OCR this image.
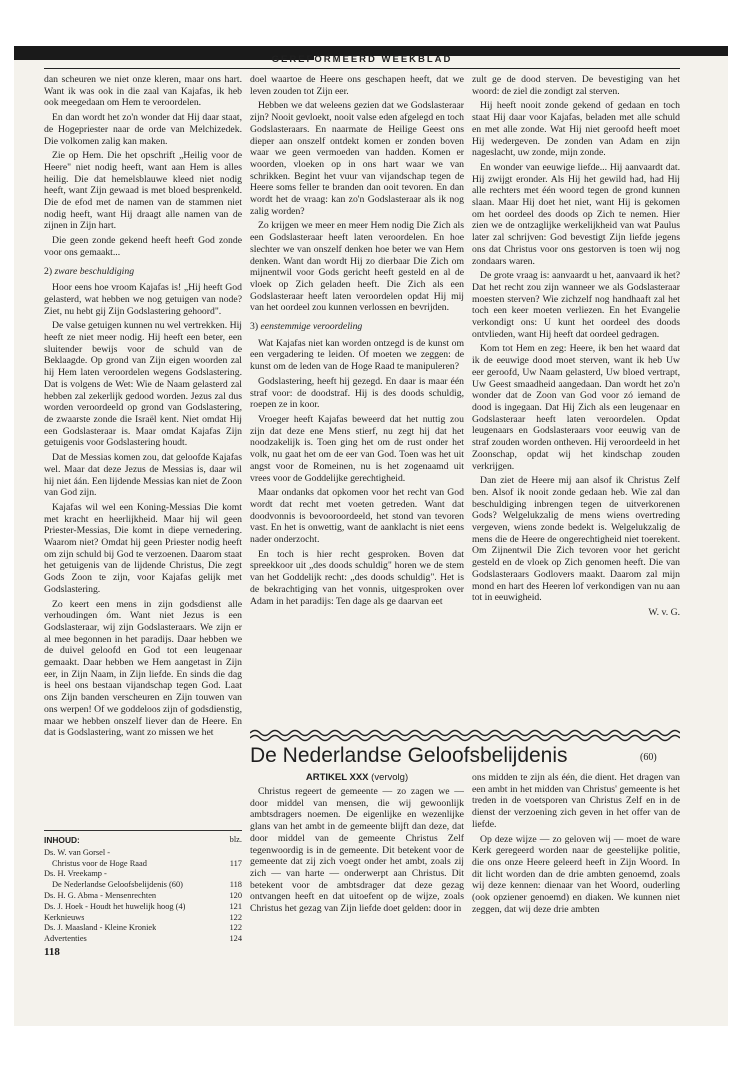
GEREFORMEERD WEEKBLAD

dan scheuren we niet onze kleren, maar ons hart. Want ik was ook in die zaal van Kajafas, ik heb ook meegedaan om Hem te veroordelen.

En dan wordt het zo'n wonder dat Hij daar staat, de Hogepriester naar de orde van Melchizedek. Die volkomen zalig kan maken.

Zie op Hem. Die het opschrift „Heilig voor de Heere" niet nodig heeft, want aan Hem is alles heilig. Die dat hemelsblauwe kleed niet nodig heeft, want Zijn gewaad is met bloed besprenkeld. Die de efod met de namen van de stammen niet nodig heeft, want Hij draagt alle namen van de zijnen in Zijn hart.

Die geen zonde gekend heeft heeft God zonde voor ons gemaakt...

2) zware beschuldiging

Hoor eens hoe vroom Kajafas is! „Hij heeft God gelasterd, wat hebben we nog getuigen van node? Ziet, nu hebt gij Zijn Godslastering gehoord".

De valse getuigen kunnen nu wel vertrekken. Hij heeft ze niet meer nodig. Hij heeft een beter, een sluitender bewijs voor de schuld van de Beklaagde. Op grond van Zijn eigen woorden zal hij Hem laten veroordelen wegens Godslastering. Dat is volgens de Wet: Wie de Naam gelasterd zal hebben zal zekerlijk gedood worden. Jezus zal dus worden veroordeeld op grond van Godslastering, de zwaarste zonde die Israël kent. Niet omdat Hij een Godslasteraar is. Maar omdat Kajafas Zijn getuigenis voor Godslastering houdt.

Dat de Messias komen zou, dat geloofde Kajafas wel. Maar dat deze Jezus de Messias is, daar wil hij niet áán. Een lijdende Messias kan niet de Zoon van God zijn.

Kajafas wil wel een Koning-Messias Die komt met kracht en heerlijkheid. Maar hij wil geen Priester-Messias, Die komt in diepe vernedering. Waarom niet? Omdat hij geen Priester nodig heeft om zijn schuld bij God te verzoenen. Daarom staat het getuigenis van de lijdende Christus, Die zegt Gods Zoon te zijn, voor Kajafas gelijk met Godslastering.

Zo keert een mens in zijn godsdienst alle verhoudingen óm. Want niet Jezus is een Godslasteraar, wij zijn Godslasteraars. We zijn er al mee begonnen in het paradijs. Daar hebben we de duivel geloofd en God tot een leugenaar gemaakt. Daar hebben we Hem aangetast in Zijn eer, in Zijn Naam, in Zijn liefde. En sinds die dag is heel ons bestaan vijandschap tegen God. Laat ons Zijn banden verscheuren en Zijn touwen van ons werpen! Of we goddeloos zijn of godsdienstig, maar we hebben onszelf liever dan de Heere. En dat is Godslastering, want zo missen we het

doel waartoe de Heere ons geschapen heeft, dat we leven zouden tot Zijn eer.

Hebben we dat weleens gezien dat we Godslasteraar zijn? Nooit gevloekt, nooit valse eden afgelegd en toch Godslasteraars. En naarmate de Heilige Geest ons dieper aan onszelf ontdekt komen er zonden boven waar we geen vermoeden van hadden. Komen er woorden, vloeken op in ons hart waar we van schrikken. Begint het vuur van vijandschap tegen de Heere soms feller te branden dan ooit tevoren. En dan wordt het de vraag: kan zo'n Godslasteraar als ik nog zalig worden?

Zo krijgen we meer en meer Hem nodig Die Zich als een Godslasteraar heeft laten veroordelen. En hoe slechter we van onszelf denken hoe beter we van Hem denken. Want dan wordt Hij zo dierbaar Die Zich om mijnentwil voor Gods gericht heeft gesteld en al de vloek op Zich geladen heeft. Die Zich als een Godslasteraar heeft laten veroordelen opdat Hij mij van het oordeel zou kunnen verlossen en bevrijden.

3) eenstemmige veroordeling

Wat Kajafas niet kan worden ontzegd is de kunst om een vergadering te leiden. Of moeten we zeggen: de kunst om de leden van de Hoge Raad te manipuleren?

Godslastering, heeft hij gezegd. En daar is maar één straf voor: de doodstraf. Hij is des doods schuldig, roepen ze in koor.

Vroeger heeft Kajafas beweerd dat het nuttig zou zijn dat deze ene Mens stierf, nu zegt hij dat het noodzakelijk is. Toen ging het om de rust onder het volk, nu gaat het om de eer van God. Toen was het uit angst voor de Romeinen, nu is het zogenaamd uit vrees voor de Goddelijke gerechtigheid.

Maar ondanks dat opkomen voor het recht van God wordt dat recht met voeten getreden. Want dat doodvonnis is bevooroordeeld, het stond van tevoren vast. En het is onwettig, want de aanklacht is niet eens nader onderzocht.

En toch is hier recht gesproken. Boven dat spreekkoor uit „des doods schuldig" horen we de stem van het Goddelijk recht: „des doods schuldig". Het is de bekrachtiging van het vonnis, uitgesproken over Adam in het paradijs: Ten dage als ge daarvan eet

zult ge de dood sterven. De bevestiging van het woord: de ziel die zondigt zal sterven.

Hij heeft nooit zonde gekend of gedaan en toch staat Hij daar voor Kajafas, beladen met alle schuld en met alle zonde. Wat Hij niet geroofd heeft moet Hij wedergeven. De zonden van Adam en zijn nageslacht, uw zonde, mijn zonde.

En wonder van eeuwige liefde... Hij aanvaardt dat. Hij zwijgt eronder. Als Hij het gewild had, had Hij alle rechters met één woord tegen de grond kunnen slaan. Maar Hij doet het niet, want Hij is gekomen om het oordeel des doods op Zich te nemen. Hier zien we de ontzaglijke werkelijkheid van wat Paulus later zal schrijven: God bevestigt Zijn liefde jegens ons dat Christus voor ons gestorven is toen wij nog zondaars waren.

De grote vraag is: aanvaardt u het, aanvaard ik het? Dat het recht zou zijn wanneer we als Godslasteraar moesten sterven? Wie zichzelf nog handhaaft zal het toch een keer moeten verliezen. En het Evangelie verkondigt ons: U kunt het oordeel des doods ontvlieden, want Hij heeft dat oordeel gedragen.

Kom tot Hem en zeg: Heere, ik ben het waard dat ik de eeuwige dood moet sterven, want ik heb Uw eer geroofd, Uw Naam gelasterd, Uw bloed vertrapt, Uw Geest smaadheid aangedaan. Dan wordt het zo'n wonder dat de Zoon van God voor zó iemand de dood is ingegaan. Dat Hij Zich als een leugenaar en Godslasteraar heeft laten veroordelen. Opdat leugenaars en Godslasteraars voor eeuwig van de straf zouden worden ontheven. Hij veroordeeld in het Zoonschap, opdat wij het kindschap zouden verkrijgen.

Dan ziet de Heere mij aan alsof ik Christus Zelf ben. Alsof ik nooit zonde gedaan heb. Wie zal dan beschuldiging inbrengen tegen de uitverkorenen Gods? Welgelukzalig de mens wiens overtreding vergeven, wiens zonde bedekt is. Welgelukzalig de mens die de Heere de ongerechtigheid niet toerekent. Om Zijnentwil Die Zich tevoren voor het gericht gesteld en de vloek op Zich genomen heeft. Die van Godslasteraars Godlovers maakt. Daarom zal mijn mond en hart des Heeren lof verkondigen van nu aan tot in eeuwigheid.

W. v. G.
De Nederlandse Geloofsbelijdenis	(60)
ARTIKEL XXX (vervolg)

Christus regeert de gemeente — zo zagen we — door middel van mensen, die wij gewoonlijk ambtsdragers noemen. De eigenlijke en wezenlijke glans van het ambt in de gemeente blijft dan deze, dat door middel van de gemeente Christus Zelf tegenwoordig is in de gemeente. Dit betekent voor de gemeente dat zij zich voegt onder het ambt, zoals zij zich — van harte — onderwerpt aan Christus. Dit betekent voor de ambtsdrager dat deze gezag ontvangen heeft en dat uitoefent op de wijze, zoals Christus het gezag van Zijn liefde doet gelden: door in

ons midden te zijn als één, die dient. Het dragen van een ambt in het midden van Christus' gemeente is het treden in de voetsporen van Christus Zelf en in de dienst der verzoening zich geven in het offer van de liefde.

Op deze wijze — zo geloven wij — moet de ware Kerk geregeerd worden naar de geestelijke politie, die ons onze Heere geleerd heeft in Zijn Woord. In dit licht worden dan de drie ambten genoemd, zoals wij deze kennen: dienaar van het Woord, ouderling (ook opziener genoemd) en diaken. We kunnen niet zeggen, dat wij deze drie ambten

INHOUD:	blz.
Ds. W. van Gorsel -
Christus voor de Hoge Raad	117
Ds. H. Vreekamp -
De Nederlandse Geloofsbelijdenis (60)	118
Ds. H. G. Abma - Mensenrechten	120
Ds. J. Hoek - Houdt het huwelijk hoog (4)	121
Kerknieuws	122
Ds. J. Maasland - Kleine Kroniek	122
Advertenties	124
118
